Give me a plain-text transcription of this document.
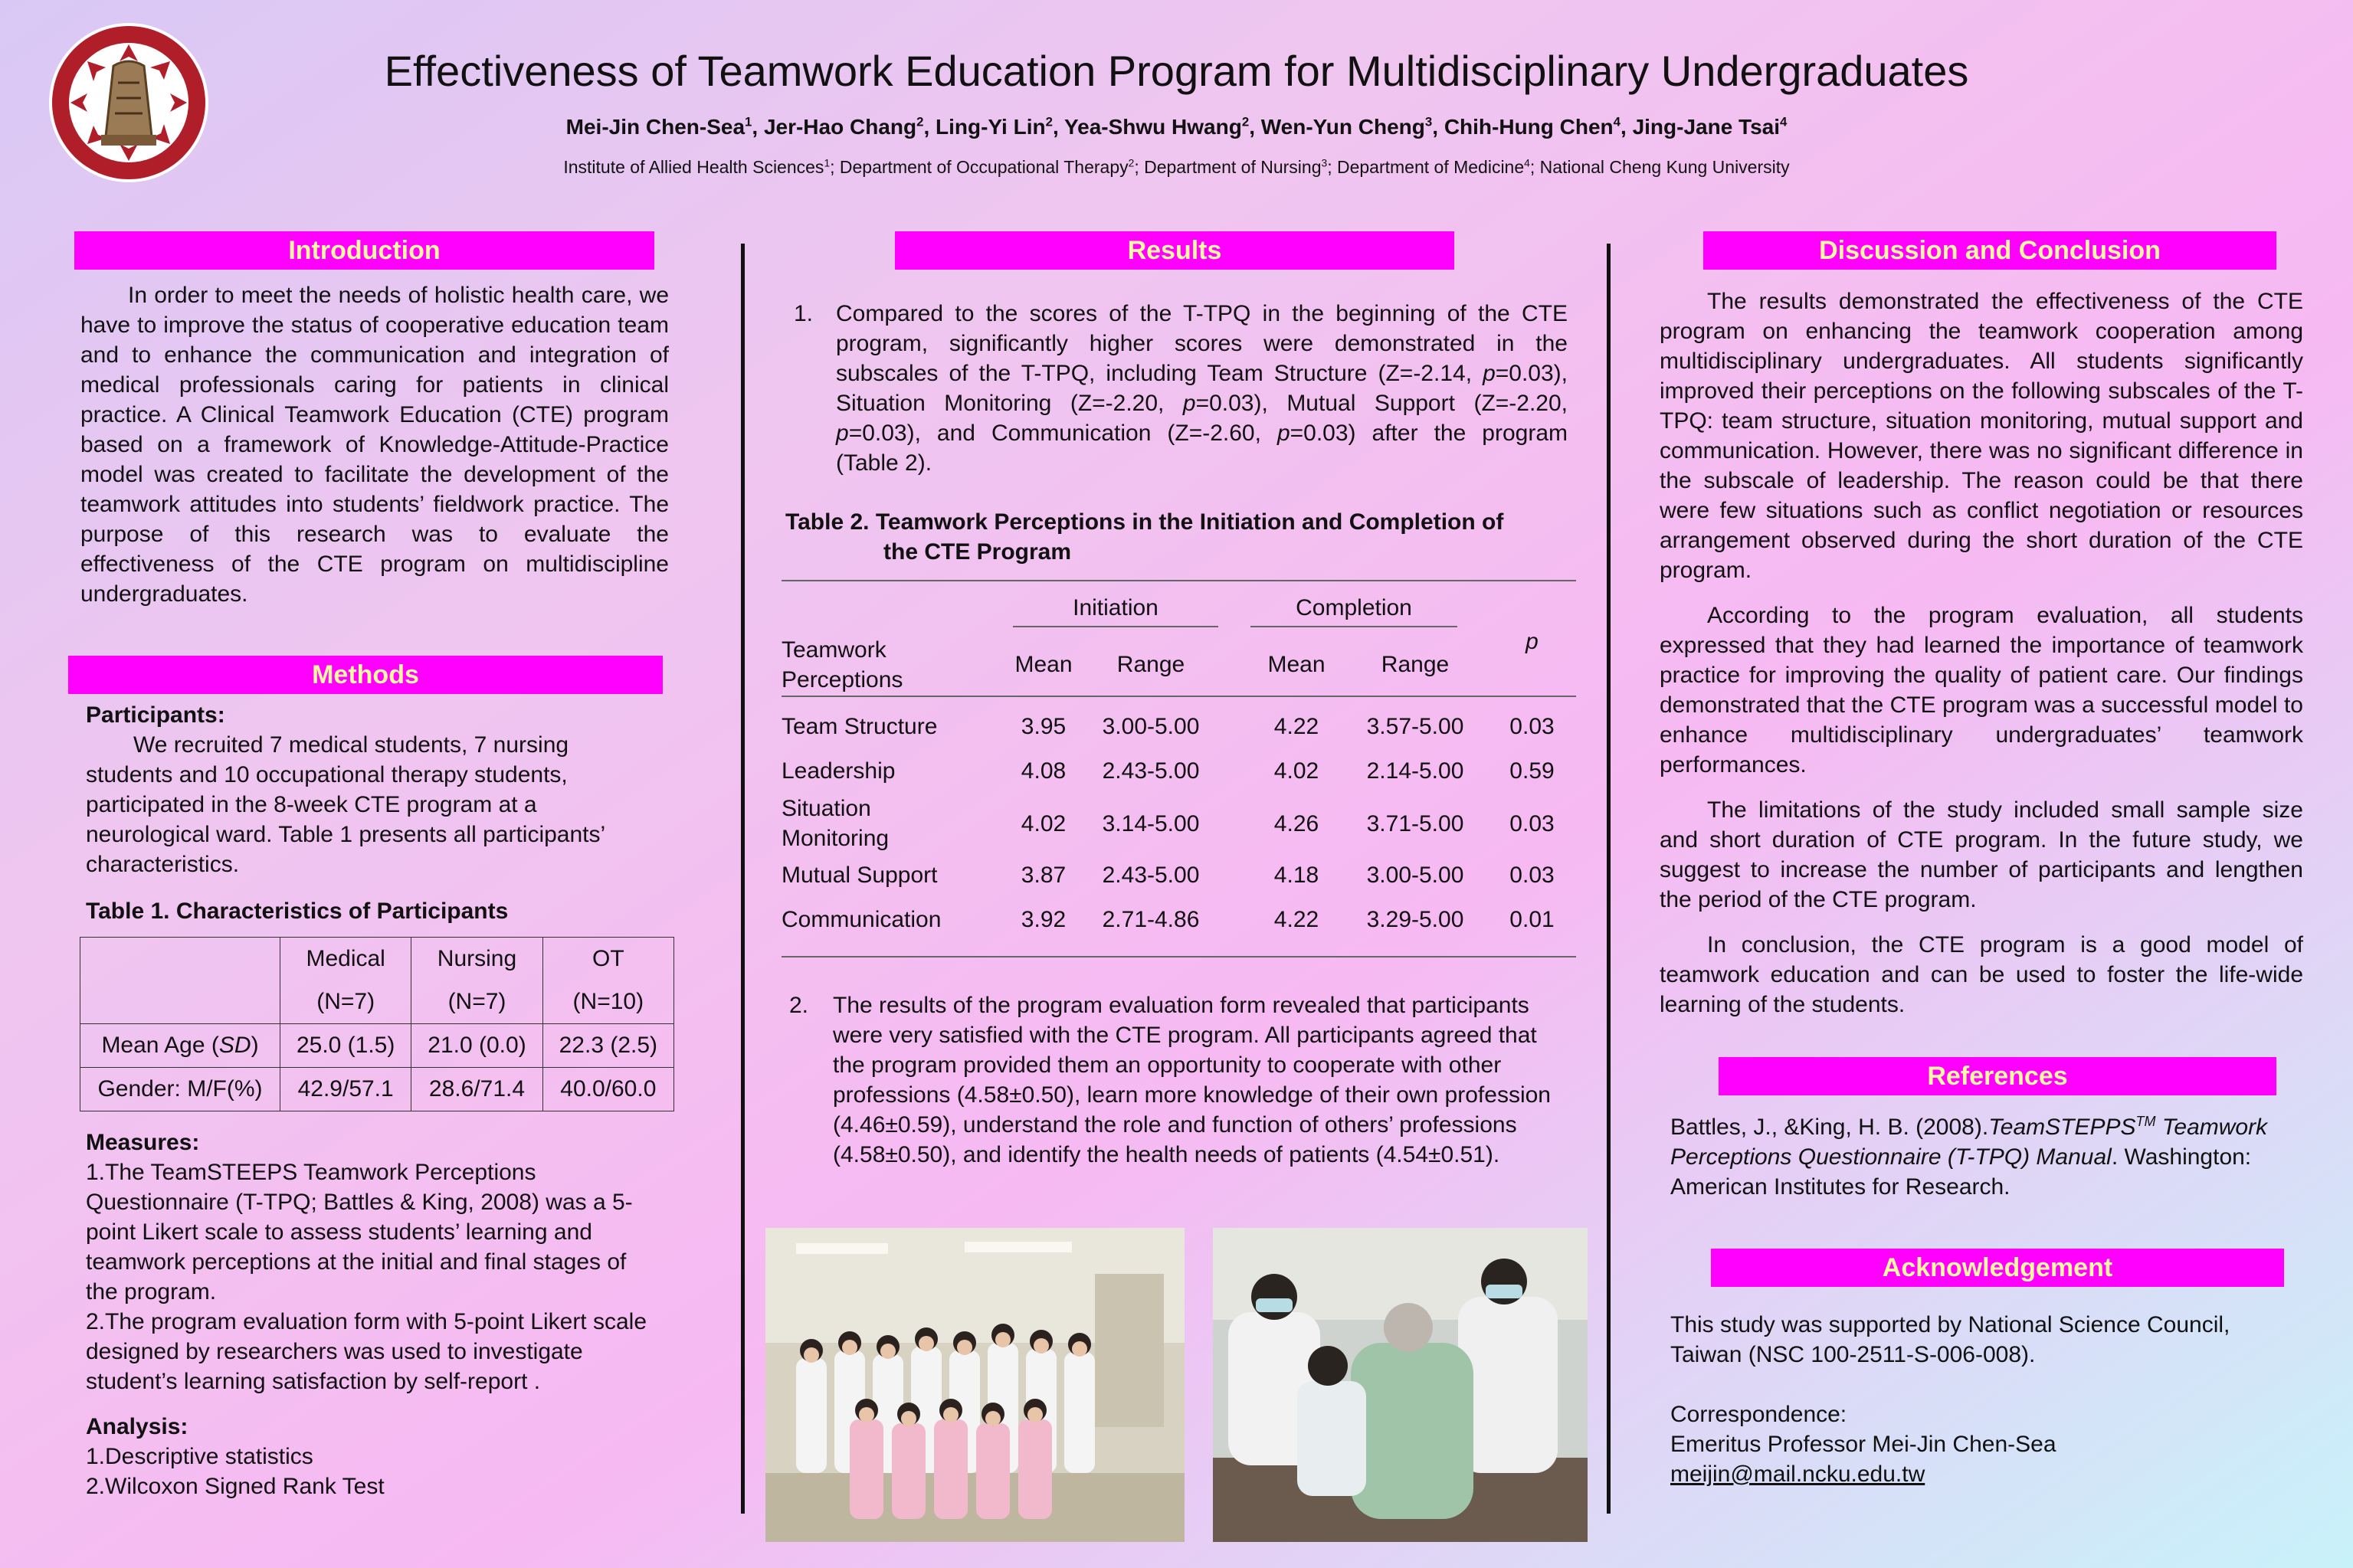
Effectiveness of Teamwork Education Program for Multidisciplinary Undergraduates
Mei-Jin Chen-Sea$^1$, Jer-Hao Chang$^2$, Ling-Yi Lin$^2$, Yea-Shwu Hwang$^2$, Wen-Yun Cheng$^3$, Chih-Hung Chen$^4$, Jing-Jane Tsai$^4$
Institute of Allied Health Sciences$^1$; Department of Occupational Therapy$^2$; Department of Nursing$^3$; Department of Medicine$^4$; National Cheng Kung University
Introduction
In order to meet the needs of holistic health care, we have to improve the status of cooperative education team and to enhance the communication and integration of medical professionals caring for patients in clinical practice. A Clinical Teamwork Education (CTE) program based on a framework of Knowledge-Attitude-Practice model was created to facilitate the development of the teamwork attitudes into students’ fieldwork practice. The purpose of this research was to evaluate the effectiveness of the CTE program on multidiscipline undergraduates.
Methods
Participants:
We recruited 7 medical students, 7 nursing students and 10 occupational therapy students, participated in the 8-week CTE program at a neurological ward. Table 1 presents all participants’ characteristics.
Table 1. Characteristics of Participants
	Medical	Nursing	OT
	(N=7)	(N=7)	(N=10)
Mean Age (SD)	25.0 (1.5)	21.0 (0.0)	22.3 (2.5)
Gender: M/F(%)	42.9/57.1	28.6/71.4	40.0/60.0
Measures:
1.The TeamSTEEPS Teamwork Perceptions Questionnaire (T-TPQ; Battles & King, 2008) was a 5-point Likert scale to assess students’ learning and teamwork perceptions at the initial and final stages of the program.
2.The program evaluation form with 5-point Likert scale designed by researchers was used to investigate student’s learning satisfaction by self-report .
Analysis:
1.Descriptive statistics
2.Wilcoxon Signed Rank Test
Results
1. Compared to the scores of the T-TPQ in the beginning of the CTE program, significantly higher scores were demonstrated in the subscales of the T-TPQ, including Team Structure (Z=-2.14, p=0.03), Situation Monitoring (Z=-2.20, p=0.03), Mutual Support (Z=-2.20, p=0.03), and Communication (Z=-2.60, p=0.03) after the program (Table 2).
Table 2. Teamwork Perceptions in the Initiation and Completion of
the CTE Program

	Initiation		Completion		p
Teamwork Perceptions	Mean	Range	Mean	Range	
Team Structure	3.95	3.00-5.00	4.22	3.57-5.00	0.03
Leadership	4.08	2.43-5.00	4.02	2.14-5.00	0.59
Situation Monitoring	4.02	3.14-5.00	4.26	3.71-5.00	0.03
Mutual Support	3.87	2.43-5.00	4.18	3.00-5.00	0.03
Communication	3.92	2.71-4.86	4.22	3.29-5.00	0.01
2.	The results of the program evaluation form revealed that participants were very satisfied with the CTE program. All participants agreed that the program provided them an opportunity to cooperate with other professions (4.58±0.50), learn more knowledge of their own profession (4.46±0.59), understand the role and function of others’ professions (4.58±0.50), and identify the health needs of patients (4.54±0.51).
Discussion and Conclusion
The results demonstrated the effectiveness of the CTE program on enhancing the teamwork cooperation among multidisciplinary undergraduates. All students significantly improved their perceptions on the following subscales of the T-TPQ: team structure, situation monitoring, mutual support and communication. However, there was no significant difference in the subscale of leadership. The reason could be that there were few situations such as conflict negotiation or resources arrangement observed during the short duration of the CTE program.
According to the program evaluation, all students expressed that they had learned the importance of teamwork practice for improving the quality of patient care. Our findings demonstrated that the CTE program was a successful model to enhance multidisciplinary undergraduates’ teamwork performances.
The limitations of the study included small sample size and short duration of CTE program. In the future study, we suggest to increase the number of participants and lengthen the period of the CTE program.
In conclusion, the CTE program is a good model of teamwork education and can be used to foster the life-wide learning of the students.
References
Battles, J., &King, H. B. (2008).TeamSTEPPS™ Teamwork Perceptions Questionnaire (T-TPQ) Manual. Washington: American Institutes for Research.
Acknowledgement
This study was supported by National Science Council, Taiwan (NSC 100-2511-S-006-008).
Correspondence:
Emeritus Professor Mei-Jin Chen-Sea
meijin@mail.ncku.edu.tw
